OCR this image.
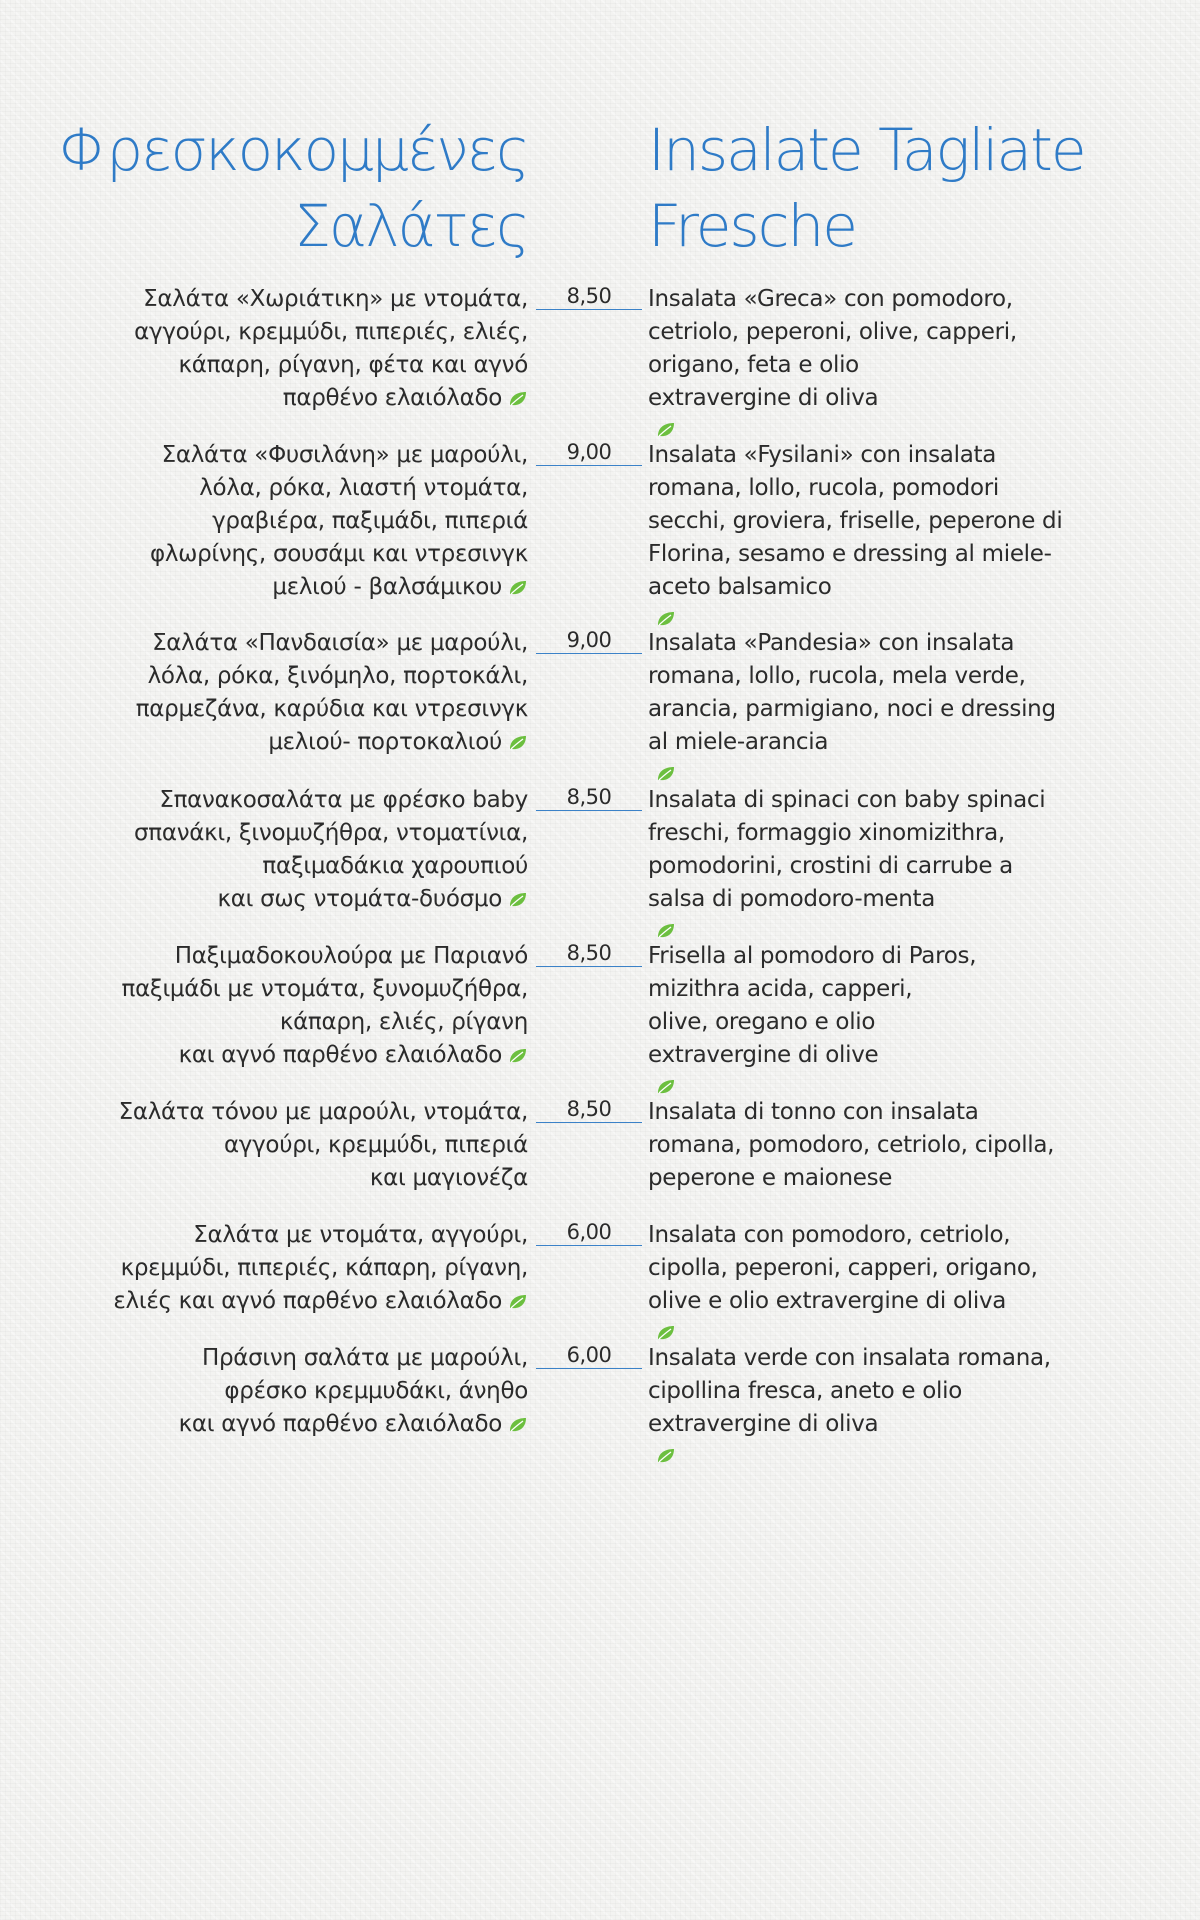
Φρεσκοκομμένες
Σαλάτες
Insalate Tagliate
Fresche
Σαλάτα «Χωριάτικη» με ντομάτα,
αγγούρι, κρεμμύδι, πιπεριές, ελιές,
κάπαρη, ρίγανη, φέτα και αγνό
παρθένο ελαιόλαδο
8,50	Insalata «Greca» con pomodoro,
cetriolo, peperoni, olive, capperi,
origano, feta e olio
extravergine di oliva
Σαλάτα «Φυσιλάνη» με μαρούλι,
λόλα, ρόκα, λιαστή ντομάτα,
γραβιέρα, παξιμάδι, πιπεριά
φλωρίνης, σουσάμι και ντρεσινγκ
μελιού - βαλσάμικου
9,00	Insalata «Fysilani» con insalata
romana, lollo, rucola, pomodori
secchi, groviera, friselle, peperone di
Florina, sesamo e dressing al miele-
aceto balsamico
Σαλάτα «Πανδαισία» με μαρούλι,
λόλα, ρόκα, ξινόμηλο, πορτοκάλι,
παρμεζάνα, καρύδια και ντρεσινγκ
μελιού- πορτοκαλιού
9,00	Insalata «Pandesia» con insalata
romana, lollo, rucola, mela verde,
arancia, parmigiano, noci e dressing
al miele-arancia
Σπανακοσαλάτα με φρέσκο baby
σπανάκι, ξινομυζήθρα, ντοματίνια,
παξιμαδάκια χαρουπιού
και σως ντομάτα-δυόσμο
8,50	Insalata di spinaci con baby spinaci
freschi, formaggio xinomizithra,
pomodorini, crostini di carrube a
salsa di pomodoro-menta
Παξιμαδοκουλούρα με Παριανό
παξιμάδι με ντομάτα, ξυνομυζήθρα,
κάπαρη, ελιές, ρίγανη
και αγνό παρθένο ελαιόλαδο
8,50	Frisella al pomodoro di Paros,
mizithra acida, capperi,
olive, oregano e olio
extravergine di olive
Σαλάτα τόνου με μαρούλι, ντομάτα,
αγγούρι, κρεμμύδι, πιπεριά
και μαγιονέζα
8,50	Insalata di tonno con insalata
romana, pomodoro, cetriolo, cipolla,
peperone e maionese
Σαλάτα με ντομάτα, αγγούρι,
κρεμμύδι, πιπεριές, κάπαρη, ρίγανη,
ελιές και αγνό παρθένο ελαιόλαδο
6,00	Insalata con pomodoro, cetriolo,
cipolla, peperoni, capperi, origano,
olive e olio extravergine di oliva
Πράσινη σαλάτα με μαρούλι,
φρέσκο κρεμμυδάκι, άνηθο
και αγνό παρθένο ελαιόλαδο
6,00	Insalata verde con insalata romana,
cipollina fresca, aneto e olio
extravergine di oliva
